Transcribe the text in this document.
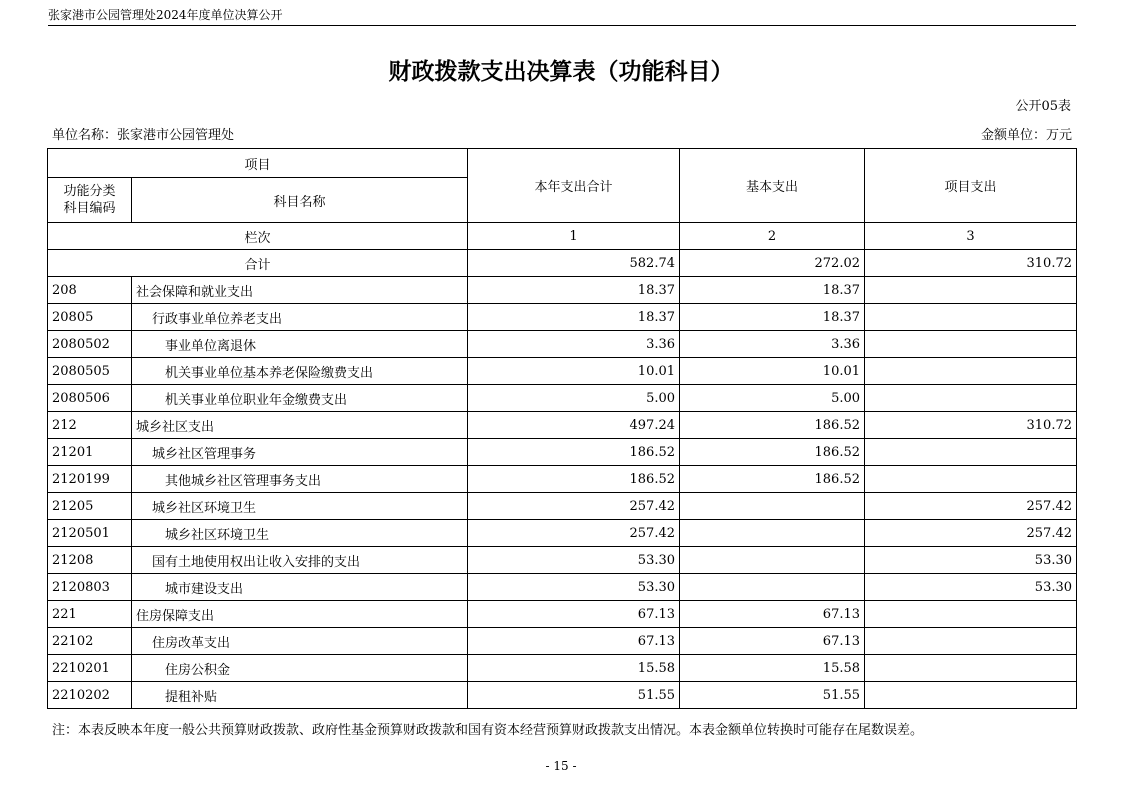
张家港市公园管理处2024年度单位决算公开
财政拨款支出决算表（功能科目）
公开05表
单位名称：张家港市公园管理处	金额单位：万元
项目		本年支出合计	基本支出	项目支出
功能分类
科目编码	科目名称			
栏次		1	2	3
合计		582.74	272.02	310.72
208	社会保障和就业支出	18.37	18.37	
20805	行政事业单位养老支出	18.37	18.37	
2080502	事业单位离退休	3.36	3.36	
2080505	机关事业单位基本养老保险缴费支出	10.01	10.01	
2080506	机关事业单位职业年金缴费支出	5.00	5.00	
212	城乡社区支出	497.24	186.52	310.72
21201	城乡社区管理事务	186.52	186.52	
2120199	其他城乡社区管理事务支出	186.52	186.52	
21205	城乡社区环境卫生	257.42		257.42
2120501	城乡社区环境卫生	257.42		257.42
21208	国有土地使用权出让收入安排的支出	53.30		53.30
2120803	城市建设支出	53.30		53.30
221	住房保障支出	67.13	67.13	
22102	住房改革支出	67.13	67.13	
2210201	住房公积金	15.58	15.58	
2210202	提租补贴	51.55	51.55	
注：本表反映本年度一般公共预算财政拨款、政府性基金预算财政拨款和国有资本经营预算财政拨款支出情况。本表金额单位转换时可能存在尾数误差。
- 15 -
